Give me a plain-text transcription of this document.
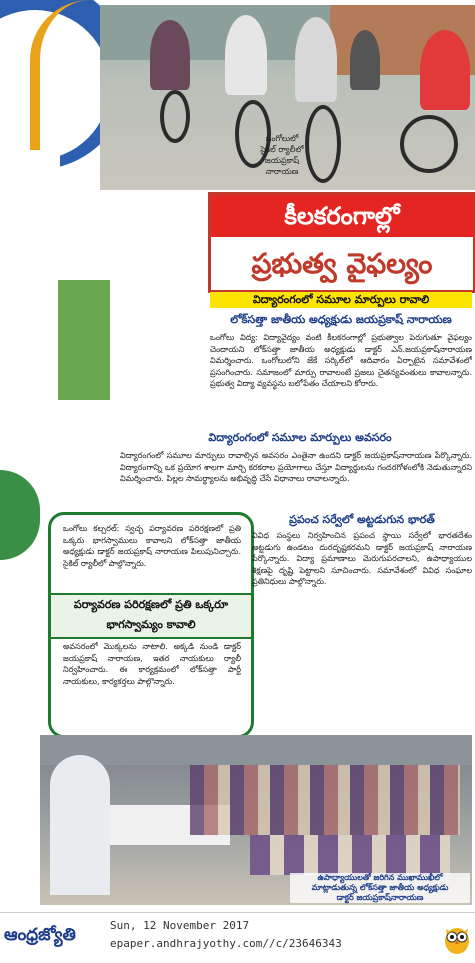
ఒంగోలులో
సైకిల్ ర్యాలీలో
జయప్రకాష్
నారాయణ
కీలకరంగాల్లో
ప్రభుత్వ వైఫల్యం
విద్యారంగంలో సమూల మార్పులు రావాలి
లోక్‌సత్తా జాతీయ అధ్యక్షుడు జయప్రకాష్ నారాయణ
ఒంగోలు విద్య: విద్యావైద్యం వంటి కీలకరంగాల్లో ప్రభుత్వాల పెరుగుతూ వైఫల్యం చెందాయని లోక్‌సత్తా జాతీయ అధ్యక్షుడు డాక్టర్ ఎన్.జయప్రకాష్‌నారాయణ విమర్శించారు. ఒంగోలులోని జేకే సర్కిల్‌లో ఆదివారం ఏర్పాటైన సమావేశంలో ప్రసంగించారు. సమాజంలో మార్పు రావాలంటే ప్రజలు చైతన్యవంతులు కావాలన్నారు. ప్రభుత్వ విద్యా వ్యవస్థను బలోపేతం చేయాలని కోరారు.
విద్యారంగంలో సమూల మార్పులు అవసరం
విద్యారంగంలో సమూల మార్పులు రావాల్సిన అవసరం ఎంతైనా ఉందని డాక్టర్ జయప్రకాష్‌నారాయణ పేర్కొన్నారు. విద్యారంగాన్ని ఒక ప్రయోగ శాలగా మార్చి కరకరాల ప్రయోగాలు చేస్తూ విద్యార్థులను గందరగోళంలోకి నెడుతున్నారని విమర్శించారు. పిల్లల సామర్థ్యాలను అభివృద్ధి చేసే విధానాలు రావాలన్నారు.
ఒంగోలు కల్చరల్: స్వచ్ఛ పర్యావరణ పరిరక్షణలో ప్రతి ఒక్కరు భాగస్వాములు కావాలని లోక్‌సత్తా జాతీయ అధ్యక్షుడు డాక్టర్ జయప్రకాష్ నారాయణ పిలుపునిచ్చారు. సైకిల్ ర్యాలీలో పాల్గొన్నారు.
పర్యావరణ పరిరక్షణలో ప్రతి ఒక్కరూ భాగస్వామ్యం కావాలి
అవసరంలో మొక్కలను నాటాలి. అక్కడి నుండి డాక్టర్ జయప్రకాష్ నారాయణ, ఇతర నాయకులు ర్యాలీ నిర్వహించారు. ఈ కార్యక్రమంలో లోక్‌సత్తా పార్టీ నాయకులు, కార్యకర్తలు పాల్గొన్నారు.
ప్రపంచ సర్వేలో అట్టడుగున భారత్
వివిధ సంస్థలు నిర్వహించిన ప్రపంచ స్థాయి సర్వేలో భారతదేశం అట్టడుగు ఉండటం దురదృష్టకరమని డాక్టర్ జయప్రకాష్ నారాయణ పేర్కొన్నారు. విద్యా ప్రమాణాలు మెరుగుపరచాలని, ఉపాధ్యాయుల శిక్షణపై దృష్టి పెట్టాలని సూచించారు. సమావేశంలో వివిధ సంఘాల ప్రతినిధులు పాల్గొన్నారు.
ఉపాధ్యాయులతో జరిగిన ముఖాముఖీలో
మాట్లాడుతున్న లోక్‌సత్తా జాతీయ అధ్యక్షుడు
డాక్టర్ జయప్రకాష్‌నారాయణ
ఆంధ్రజ్యోతి	Sun, 12 November 2017
epaper.andhrajyothy.com//c/23646343
